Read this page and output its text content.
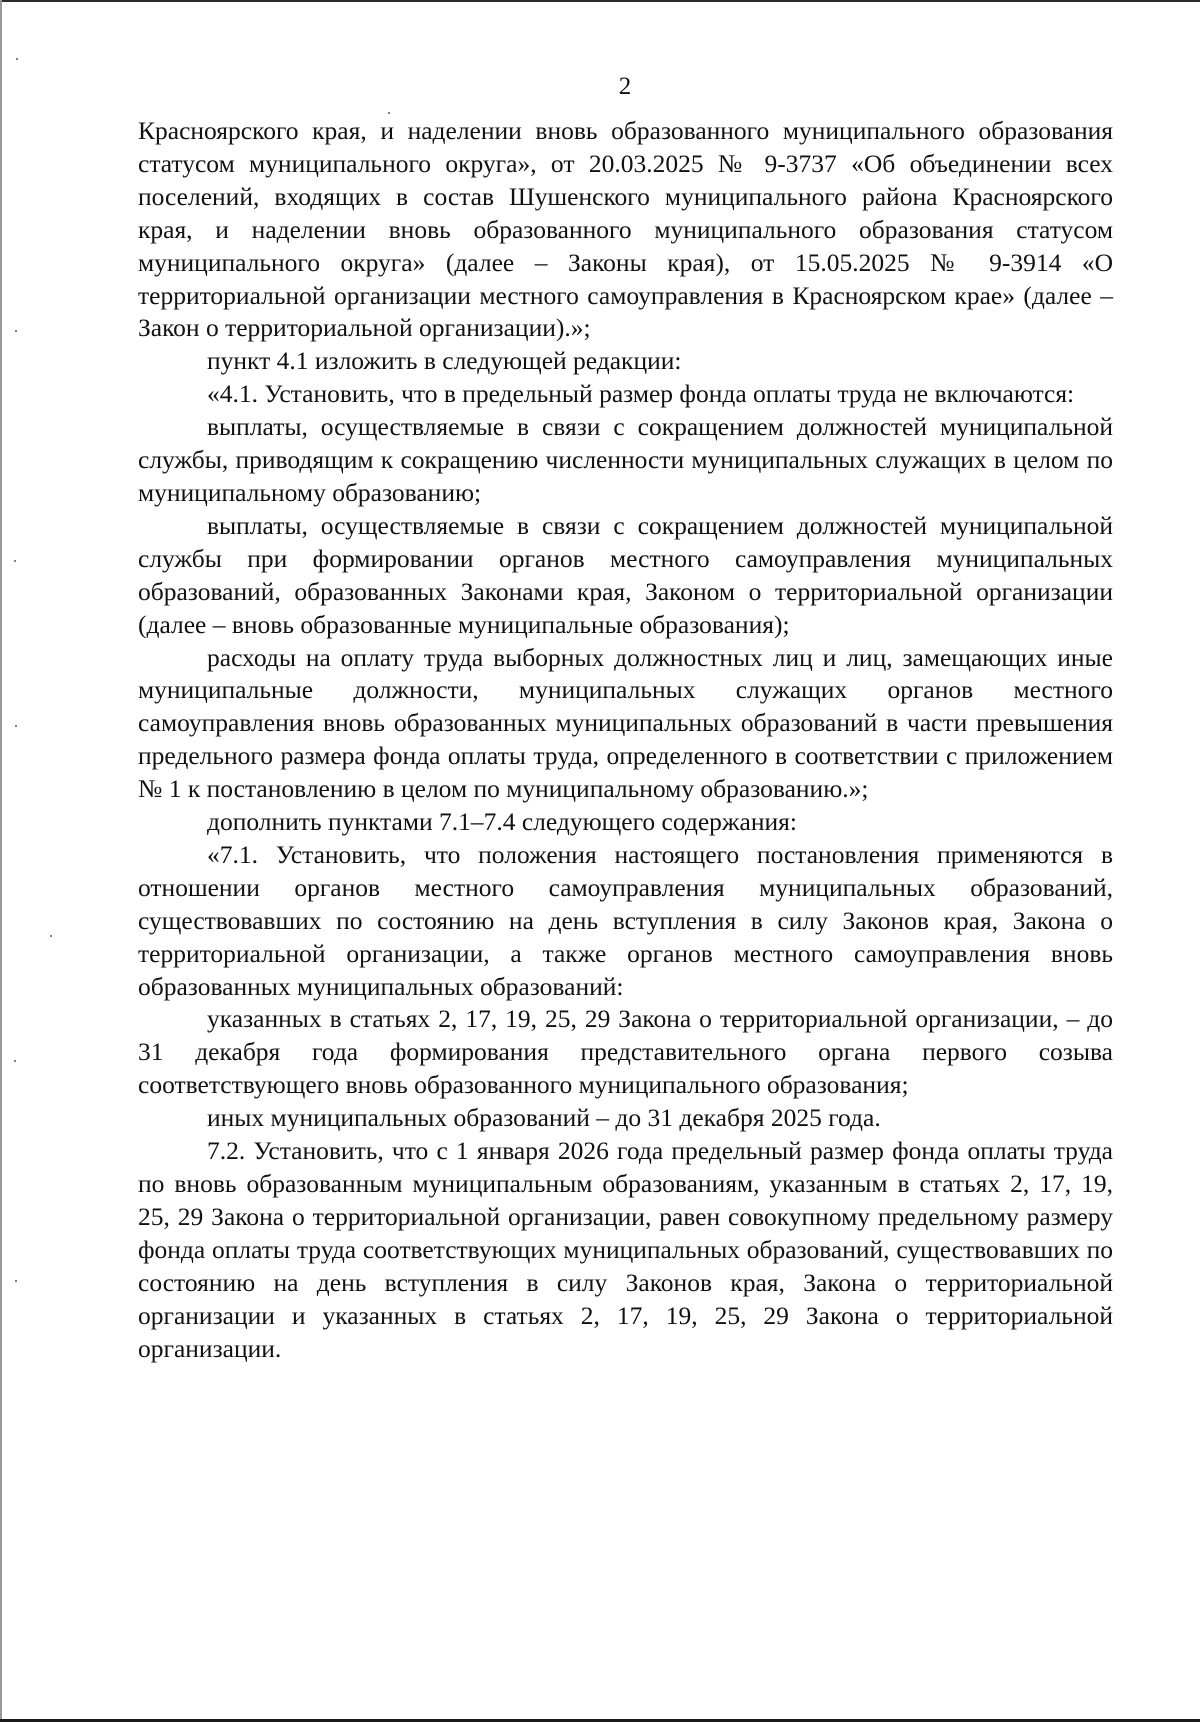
2

Красноярского края, и наделении вновь образованного муниципального образования статусом муниципального округа», от 20.03.2025 № 9-3737 «Об объединении всех поселений, входящих в состав Шушенского муниципального района Красноярского края, и наделении вновь образованного муниципального образования статусом муниципального округа» (далее – Законы края), от 15.05.2025 № 9-3914 «О территориальной организации местного самоуправления в Красноярском крае» (далее – Закон о территориальной организации).»;

пункт 4.1 изложить в следующей редакции:

«4.1. Установить, что в предельный размер фонда оплаты труда не включаются:

выплаты, осуществляемые в связи с сокращением должностей муниципальной службы, приводящим к сокращению численности муниципальных служащих в целом по муниципальному образованию;

выплаты, осуществляемые в связи с сокращением должностей муниципальной службы при формировании органов местного самоуправления муниципальных образований, образованных Законами края, Законом о территориальной организации (далее – вновь образованные муниципальные образования);

расходы на оплату труда выборных должностных лиц и лиц, замещающих иные муниципальные должности, муниципальных служащих органов местного самоуправления вновь образованных муниципальных образований в части превышения предельного размера фонда оплаты труда, определенного в соответствии с приложением № 1 к постановлению в целом по муниципальному образованию.»;

дополнить пунктами 7.1–7.4 следующего содержания:

«7.1. Установить, что положения настоящего постановления применяются в отношении органов местного самоуправления муниципальных образований, существовавших по состоянию на день вступления в силу Законов края, Закона о территориальной организации, а также органов местного самоуправления вновь образованных муниципальных образований:

указанных в статьях 2, 17, 19, 25, 29 Закона о территориальной организации, – до 31 декабря года формирования представительного органа первого созыва соответствующего вновь образованного муниципального образования;

иных муниципальных образований – до 31 декабря 2025 года.

7.2. Установить, что с 1 января 2026 года предельный размер фонда оплаты труда по вновь образованным муниципальным образованиям, указанным в статьях 2, 17, 19, 25, 29 Закона о территориальной организации, равен совокупному предельному размеру фонда оплаты труда соответствующих муниципальных образований, существовавших по состоянию на день вступления в силу Законов края, Закона о территориальной организации и указанных в статьях 2, 17, 19, 25, 29 Закона о территориальной организации.
